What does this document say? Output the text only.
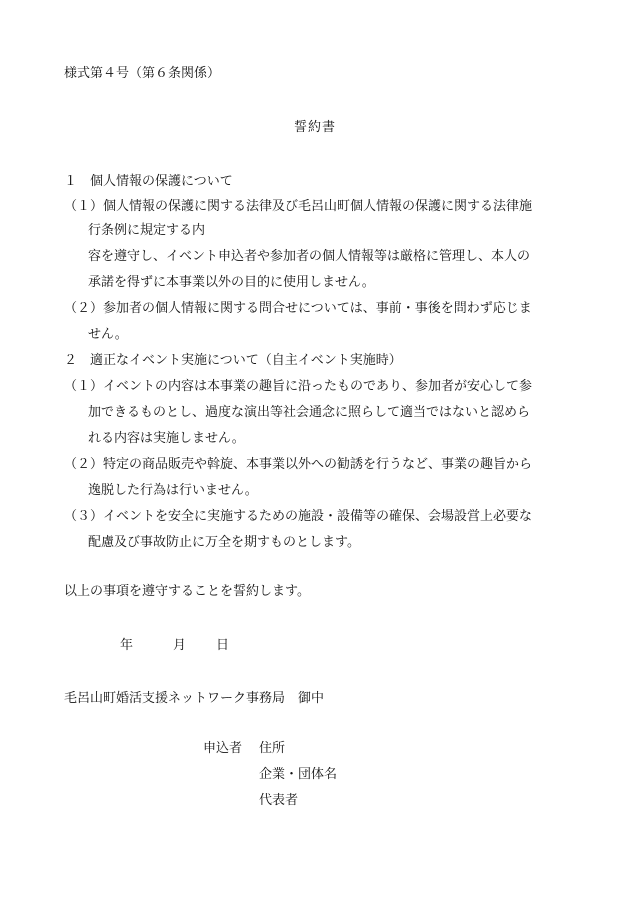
様式第４号（第６条関係）
誓約書
１　個人情報の保護について
（１）個人情報の保護に関する法律及び毛呂山町個人情報の保護に関する法律施
行条例に規定する内
容を遵守し、イベント申込者や参加者の個人情報等は厳格に管理し、本人の
承諾を得ずに本事業以外の目的に使用しません。
（２）参加者の個人情報に関する問合せについては、事前・事後を問わず応じま
せん。
２　適正なイベント実施について（自主イベント実施時）
（１）イベントの内容は本事業の趣旨に沿ったものであり、参加者が安心して参
加できるものとし、過度な演出等社会通念に照らして適当ではないと認めら
れる内容は実施しません。
（２）特定の商品販売や斡旋、本事業以外への勧誘を行うなど、事業の趣旨から
逸脱した行為は行いません。
（３）イベントを安全に実施するための施設・設備等の確保、会場設営上必要な
配慮及び事故防止に万全を期すものとします。
以上の事項を遵守することを誓約します。
年	月 日
毛呂山町婚活支援ネットワーク事務局　御中
申込者 住所
企業・団体名
代表者
